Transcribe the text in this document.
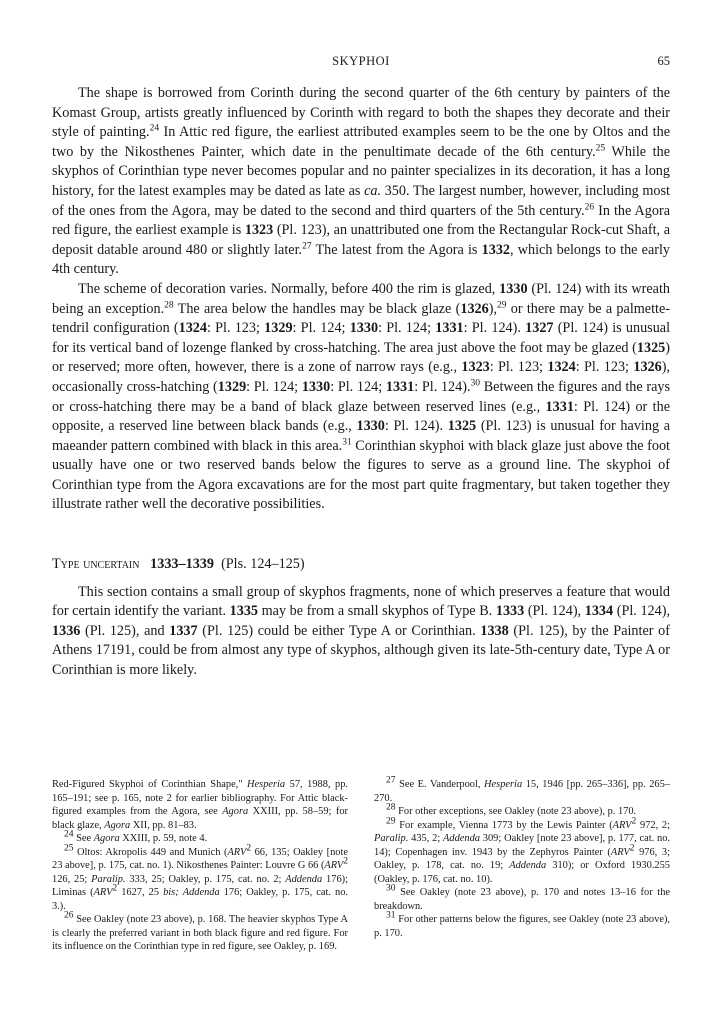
SKYPHOI	65

The shape is borrowed from Corinth during the second quarter of the 6th century by painters of the Komast Group, artists greatly influenced by Corinth with regard to both the shapes they decorate and their style of painting.$^{24}$ In Attic red figure, the earliest attributed examples seem to be the one by Oltos and the two by the Nikosthenes Painter, which date in the penultimate decade of the 6th century.$^{25}$ While the skyphos of Corinthian type never becomes popular and no painter specializes in its decoration, it has a long history, for the latest examples may be dated as late as ca. 350. The largest number, however, including most of the ones from the Agora, may be dated to the second and third quarters of the 5th century.$^{26}$ In the Agora red figure, the earliest example is 1323 (Pl. 123), an unattributed one from the Rectangular Rock-cut Shaft, a deposit datable around 480 or slightly later.$^{27}$ The latest from the Agora is 1332, which belongs to the early 4th century.

The scheme of decoration varies. Normally, before 400 the rim is glazed, 1330 (Pl. 124) with its wreath being an exception.$^{28}$ The area below the handles may be black glaze (1326),$^{29}$ or there may be a palmette-tendril configuration (1324: Pl. 123; 1329: Pl. 124; 1330: Pl. 124; 1331: Pl. 124). 1327 (Pl. 124) is unusual for its vertical band of lozenge flanked by cross-hatching. The area just above the foot may be glazed (1325) or reserved; more often, however, there is a zone of narrow rays (e.g., 1323: Pl. 123; 1324: Pl. 123; 1326), occasionally cross-hatching (1329: Pl. 124; 1330: Pl. 124; 1331: Pl. 124).$^{30}$ Between the figures and the rays or cross-hatching there may be a band of black glaze between reserved lines (e.g., 1331: Pl. 124) or the opposite, a reserved line between black bands (e.g., 1330: Pl. 124). 1325 (Pl. 123) is unusual for having a maeander pattern combined with black in this area.$^{31}$ Corinthian skyphoi with black glaze just above the foot usually have one or two reserved bands below the figures to serve as a ground line. The skyphoi of Corinthian type from the Agora excavations are for the most part quite fragmentary, but taken together they illustrate rather well the decorative possibilities.

Type uncertain 1333–1339 (Pls. 124–125)

This section contains a small group of skyphos fragments, none of which preserves a feature that would for certain identify the variant. 1335 may be from a small skyphos of Type B. 1333 (Pl. 124), 1334 (Pl. 124), 1336 (Pl. 125), and 1337 (Pl. 125) could be either Type A or Corinthian. 1338 (Pl. 125), by the Painter of Athens 17191, could be from almost any type of skyphos, although given its late-5th-century date, Type A or Corinthian is more likely.

Red-Figured Skyphoi of Corinthian Shape," Hesperia 57, 1988, pp. 165–191; see p. 165, note 2 for earlier bibliography. For Attic black-figured examples from the Agora, see Agora XXIII, pp. 58–59; for black glaze, Agora XII, pp. 81–83.

$^{24}$ See Agora XXIII, p. 59, note 4.

$^{25}$ Oltos: Akropolis 449 and Munich (ARV$^2$ 66, 135; Oakley [note 23 above], p. 175, cat. no. 1). Nikosthenes Painter: Louvre G 66 (ARV$^2$ 126, 25; Paralip. 333, 25; Oakley, p. 175, cat. no. 2; Addenda 176); Liminas (ARV$^2$ 1627, 25 bis; Addenda 176; Oakley, p. 175, cat. no. 3.).

$^{26}$ See Oakley (note 23 above), p. 168. The heavier skyphos Type A is clearly the preferred variant in both black figure and red figure. For its influence on the Corinthian type in red figure, see Oakley, p. 169.

$^{27}$ See E. Vanderpool, Hesperia 15, 1946 [pp. 265–336], pp. 265–270.

$^{28}$ For other exceptions, see Oakley (note 23 above), p. 170.

$^{29}$ For example, Vienna 1773 by the Lewis Painter (ARV$^2$ 972, 2; Paralip. 435, 2; Addenda 309; Oakley [note 23 above], p. 177, cat. no. 14); Copenhagen inv. 1943 by the Zephyros Painter (ARV$^2$ 976, 3; Oakley, p. 178, cat. no. 19; Addenda 310); or Oxford 1930.255 (Oakley, p. 176, cat. no. 10).

$^{30}$ See Oakley (note 23 above), p. 170 and notes 13–16 for the breakdown.

$^{31}$ For other patterns below the figures, see Oakley (note 23 above), p. 170.
